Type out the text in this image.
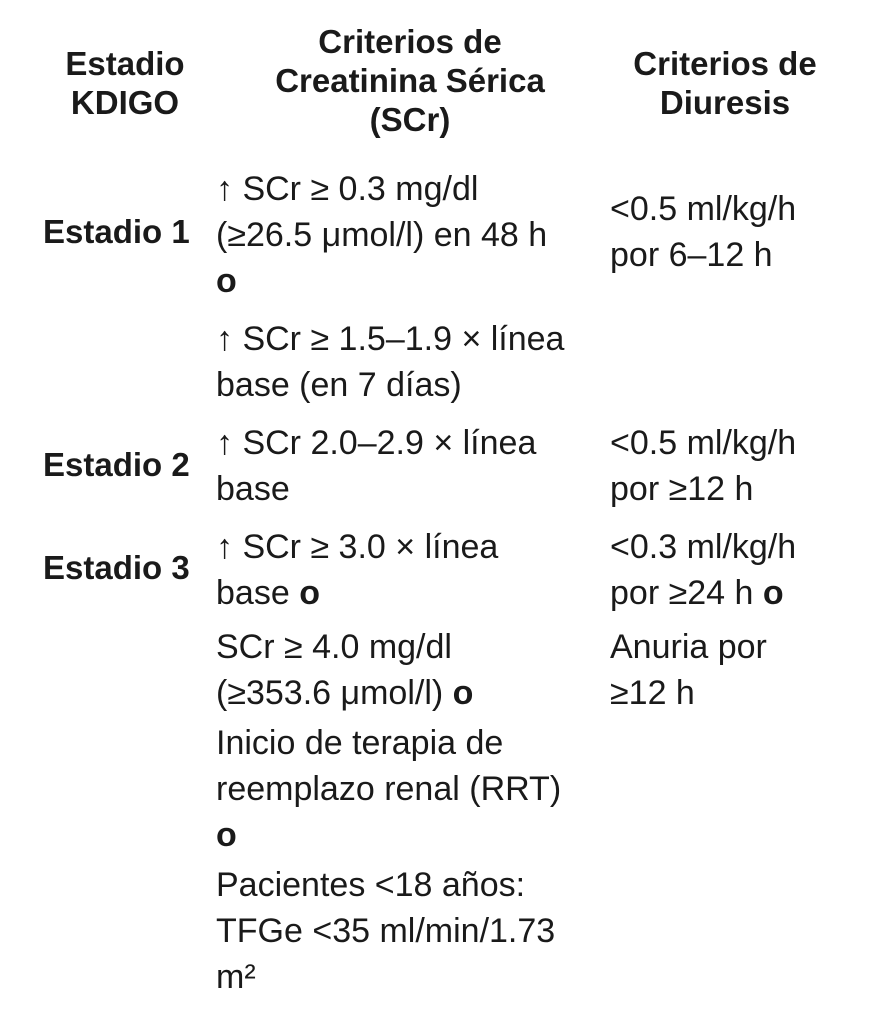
Estadio
KDIGO
Criterios de
Creatinina Sérica
(SCr)
Criterios de
Diuresis
Estadio 1
Estadio 2
Estadio 3
↑ SCr ≥ 0.3 mg/dl
(≥26.5 μmol/l) en 48 h
o
↑ SCr ≥ 1.5–1.9 × línea
base (en 7 días)
↑ SCr 2.0–2.9 × línea
base
↑ SCr ≥ 3.0 × línea
base o
SCr ≥ 4.0 mg/dl
(≥353.6 μmol/l) o
Inicio de terapia de
reemplazo renal (RRT)
o
Pacientes <18 años:
TFGe <35 ml/min/1.73
m²
<0.5 ml/kg/h
por 6–12 h
<0.5 ml/kg/h
por ≥12 h
<0.3 ml/kg/h
por ≥24 h o
Anuria por
≥12 h
